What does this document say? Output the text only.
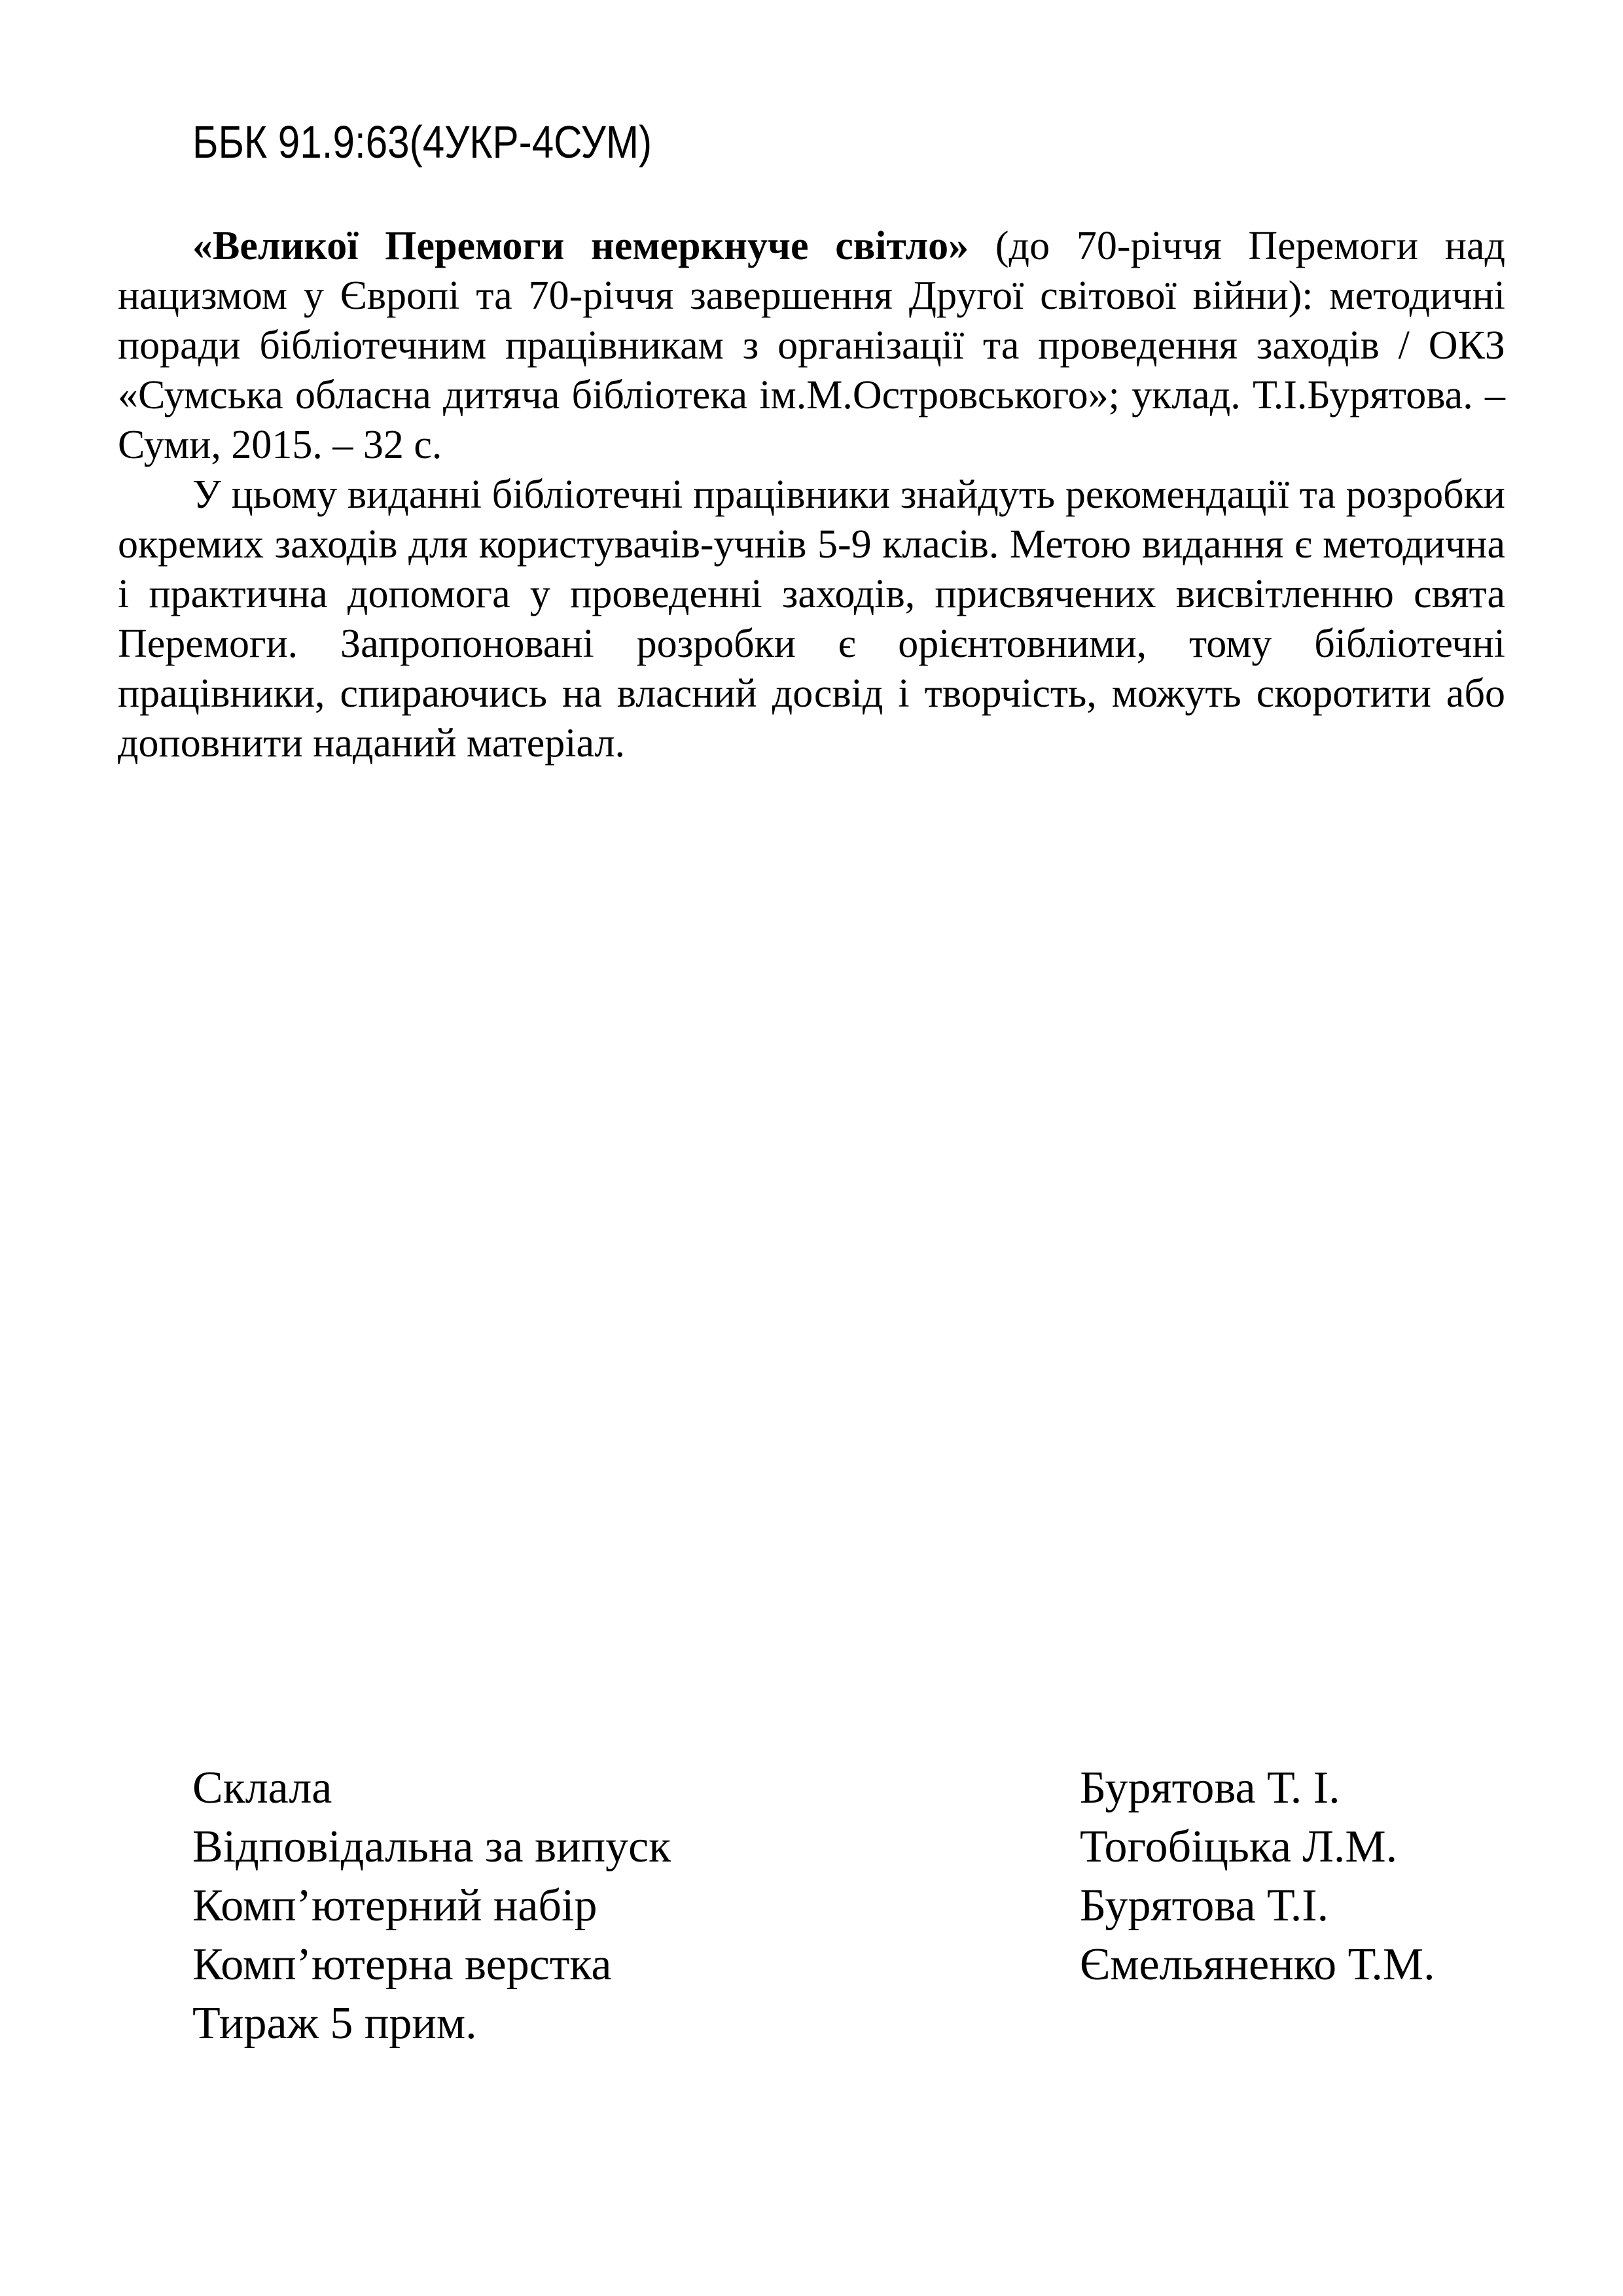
ББК 91.9:63(4УКР-4СУМ)

«Великої Перемоги немеркнуче світло» (до 70-річчя Перемоги над нацизмом у Європі та 70-річчя завершення Другої світової війни): методичні поради бібліотечним працівникам з організації та проведення заходів / ОКЗ «Сумська обласна дитяча бібліотека ім.М.Островського»; уклад. Т.І.Бурятова. – Суми, 2015. – 32 с.

У цьому виданні бібліотечні працівники знайдуть рекомендації та розробки окремих заходів для користувачів-учнів 5-9 класів. Метою видання є методична і практична допомога у проведенні заходів, присвячених висвітленню свята Перемоги. Запропоновані розробки є орієнтовними, тому бібліотечні працівники, спираючись на власний досвід і творчість, можуть скоротити або доповнити наданий матеріал.

Склала	Бурятова Т. І.
Відповідальна за випуск	Тогобіцька Л.М.
Комп’ютерний набір	Бурятова Т.І.
Комп’ютерна верстка	Ємельяненко Т.М.
Тираж 5 прим.
